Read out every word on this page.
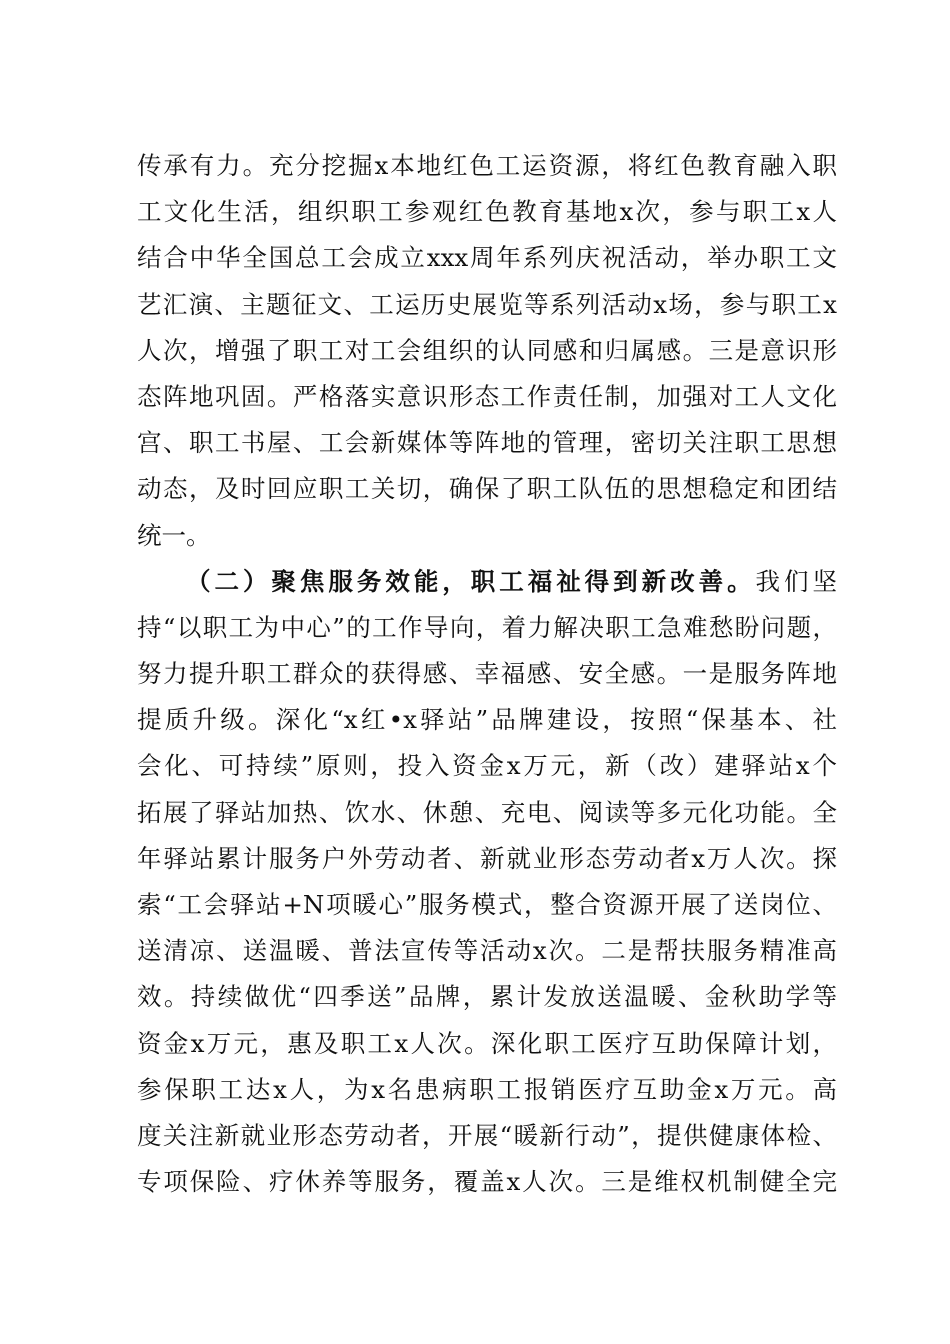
传承有力。充分挖掘x本地红色工运资源，将红色教育融入职
工文化生活，组织职工参观红色教育基地x次，参与职工x人
结合中华全国总工会成立xxx周年系列庆祝活动，举办职工文
艺汇演、主题征文、工运历史展览等系列活动x场，参与职工x
人次，增强了职工对工会组织的认同感和归属感。三是意识形
态阵地巩固。严格落实意识形态工作责任制，加强对工人文化
宫、职工书屋、工会新媒体等阵地的管理，密切关注职工思想
动态，及时回应职工关切，确保了职工队伍的思想稳定和团结
统一。
（二）聚焦服务效能，职工福祉得到新改善。我们坚
持“以职工为中心”的工作导向，着力解决职工急难愁盼问题，
努力提升职工群众的获得感、幸福感、安全感。一是服务阵地
提质升级。深化“x红•x驿站”品牌建设，按照“保基本、社
会化、可持续”原则，投入资金x万元，新（改）建驿站x个
拓展了驿站加热、饮水、休憩、充电、阅读等多元化功能。全
年驿站累计服务户外劳动者、新就业形态劳动者x万人次。探
索“工会驿站+N项暖心”服务模式，整合资源开展了送岗位、
送清凉、送温暖、普法宣传等活动x次。二是帮扶服务精准高
效。持续做优“四季送”品牌，累计发放送温暖、金秋助学等
资金x万元，惠及职工x人次。深化职工医疗互助保障计划，
参保职工达x人，为x名患病职工报销医疗互助金x万元。高
度关注新就业形态劳动者，开展“暖新行动”，提供健康体检、
专项保险、疗休养等服务，覆盖x人次。三是维权机制健全完
